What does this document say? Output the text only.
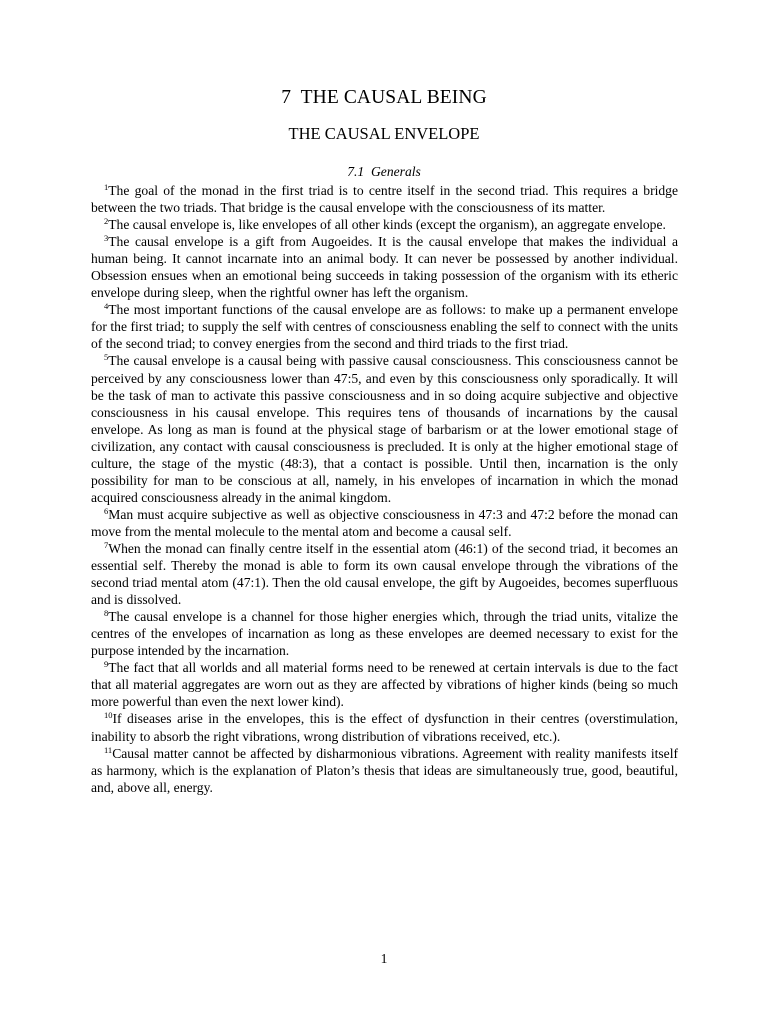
7  THE CAUSAL BEING
THE CAUSAL ENVELOPE
7.1  Generals

$^1$The goal of the monad in the first triad is to centre itself in the second triad. This requires a bridge between the two triads. That bridge is the causal envelope with the consciousness of its matter.

$^2$The causal envelope is, like envelopes of all other kinds (except the organism), an aggregate envelope.

$^3$The causal envelope is a gift from Augoeides. It is the causal envelope that makes the individual a human being. It cannot incarnate into an animal body. It can never be possessed by another individual. Obsession ensues when an emotional being succeeds in taking possession of the organism with its etheric envelope during sleep, when the rightful owner has left the organism.

$^4$The most important functions of the causal envelope are as follows: to make up a permanent envelope for the first triad; to supply the self with centres of consciousness enabling the self to connect with the units of the second triad; to convey energies from the second and third triads to the first triad.

$^5$The causal envelope is a causal being with passive causal consciousness. This consciousness cannot be perceived by any consciousness lower than 47:5, and even by this consciousness only sporadically. It will be the task of man to activate this passive consciousness and in so doing acquire subjective and objective consciousness in his causal envelope. This requires tens of thousands of incarnations by the causal envelope. As long as man is found at the physical stage of barbarism or at the lower emotional stage of civilization, any contact with causal consciousness is precluded. It is only at the higher emotional stage of culture, the stage of the mystic (48:3), that a contact is possible. Until then, incarnation is the only possibility for man to be conscious at all, namely, in his envelopes of incarnation in which the monad acquired consciousness already in the animal kingdom.

$^6$Man must acquire subjective as well as objective consciousness in 47:3 and 47:2 before the monad can move from the mental molecule to the mental atom and become a causal self.

$^7$When the monad can finally centre itself in the essential atom (46:1) of the second triad, it becomes an essential self. Thereby the monad is able to form its own causal envelope through the vibrations of the second triad mental atom (47:1). Then the old causal envelope, the gift by Augoeides, becomes superfluous and is dissolved.

$^8$The causal envelope is a channel for those higher energies which, through the triad units, vitalize the centres of the envelopes of incarnation as long as these envelopes are deemed necessary to exist for the purpose intended by the incarnation.

$^9$The fact that all worlds and all material forms need to be renewed at certain intervals is due to the fact that all material aggregates are worn out as they are affected by vibrations of higher kinds (being so much more powerful than even the next lower kind).

$^{10}$If diseases arise in the envelopes, this is the effect of dysfunction in their centres (overstimulation, inability to absorb the right vibrations, wrong distribution of vibrations received, etc.).

$^{11}$Causal matter cannot be affected by disharmonious vibrations. Agreement with reality manifests itself as harmony, which is the explanation of Platon’s thesis that ideas are simultaneously true, good, beautiful, and, above all, energy.

1
